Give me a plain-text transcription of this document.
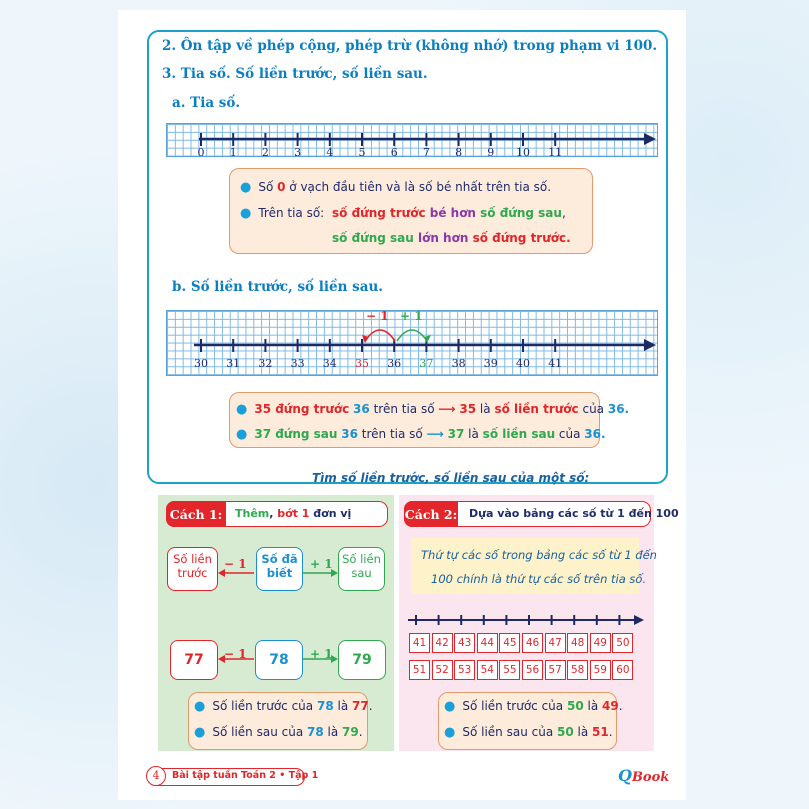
2. Ôn tập về phép cộng, phép trừ (không nhớ) trong phạm vi 100.
3. Tia số. Số liền trước, số liền sau.
a. Tia số.
0 1 2 3 4 5 6 7 8 9 10 11
● Số 0 ở vạch đầu tiên và là số bé nhất trên tia số.
● Trên tia số: số đứng trước bé hơn số đứng sau,
số đứng sau lớn hơn số đứng trước.
b. Số liền trước, số liền sau.
− 1 + 1
30 31 32 33 34 35 36 37 38 39 40 41
● 35 đứng trước 36 trên tia số ⟶ 35 là số liền trước của 36.
● 37 đứng sau 36 trên tia số ⟶ 37 là số liền sau của 36.
Tìm số liền trước, số liền sau của một số:
Cách 1:	Thêm, bớt 1 đơn vị
Số liền
trước
Số đã
biết
Số liền
sau
− 1	+ 1
77	78	79
− 1	+ 1
● Số liền trước của 78 là 77.
● Số liền sau của 78 là 79.
Cách 2: Dựa vào bảng các số từ 1 đến 100
Thứ tự các số trong bảng các số từ 1 đến
100 chính là thứ tự các số trên tia số.
41 42 43 44 45 46 47 48 49 50
51 52 53 54 55 56 57 58 59 60
● Số liền trước của 50 là 49.
● Số liền sau của 50 là 51.
4	Bài tập tuần Toán 2 • Tập 1	QBook
